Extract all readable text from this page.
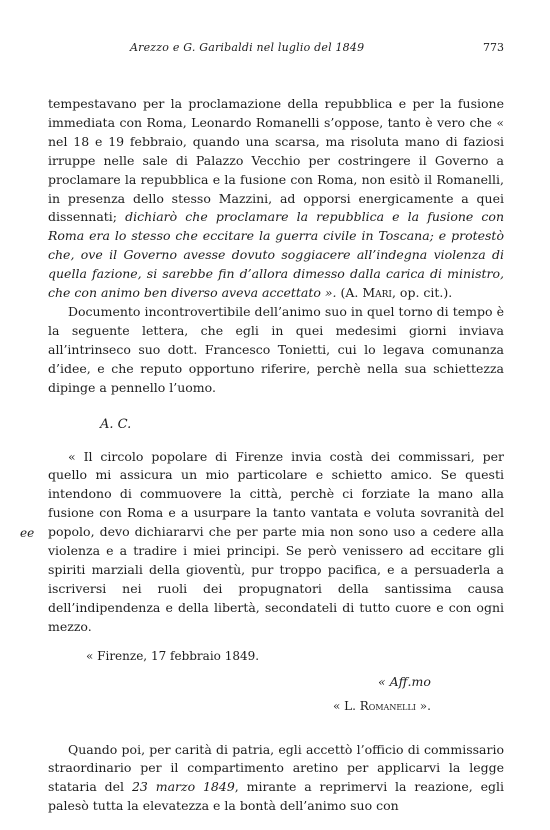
Arezzo e G. Garibaldi nel luglio del 1849	773

tempestavano per la proclamazione della repubblica e per la fusione immediata con Roma, Leonardo Romanelli s’oppose, tanto è vero che « nel 18 e 19 febbraio, quando una scarsa, ma risoluta mano di faziosi irruppe nelle sale di Palazzo Vecchio per costringere il Governo a proclamare la repubblica e la fusione con Roma, non esitò il Romanelli, in presenza dello stesso Mazzini, ad opporsi energicamente a quei dissennati; dichiarò che proclamare la repubblica e la fusione con Roma era lo stesso che eccitare la guerra civile in Toscana; e protestò che, ove il Governo avesse dovuto soggiacere all’indegna violenza di quella fazione, si sarebbe fin d’allora dimesso dalla carica di ministro, che con animo ben diverso aveva accettato ». (A. Mari, op. cit.).

Documento incontrovertibile dell’animo suo in quel torno di tempo è la seguente lettera, che egli in quei medesimi giorni inviava all’intrinseco suo dott. Francesco Tonietti, cui lo legava comunanza d’idee, e che reputo opportuno riferire, perchè nella sua schiettezza dipinge a pennello l’uomo.

A. C.

« Il circolo popolare di Firenze invia costà dei commissari, per quello mi assicura un mio particolare e schietto amico. Se questi intendono di commuovere la città, perchè ci forziate la mano alla fusione con Roma e a usurpare la tanto vantata e voluta sovranità del popolo, devo dichiararvi che per parte mia non sono uso a cedere alla violenza e a tradire i miei principi. Se però venissero ad eccitare gli spiriti marziali della gioventù, pur troppo pacifica, e a persuaderla a iscriversi nei ruoli dei propugnatori della santissima causa dell’indipendenza e della libertà, secondateli di tutto cuore e con ogni mezzo.

« Firenze, 17 febbraio 1849.
« Aff.mo
« L. Romanelli ».

Quando poi, per carità di patria, egli accettò l’officio di commissario straordinario per il compartimento aretino per applicarvi la legge stataria del 23 marzo 1849, mirante a reprimervi la reazione, egli palesò tutta la elevatezza e la bontà dell’animo suo con

ee
